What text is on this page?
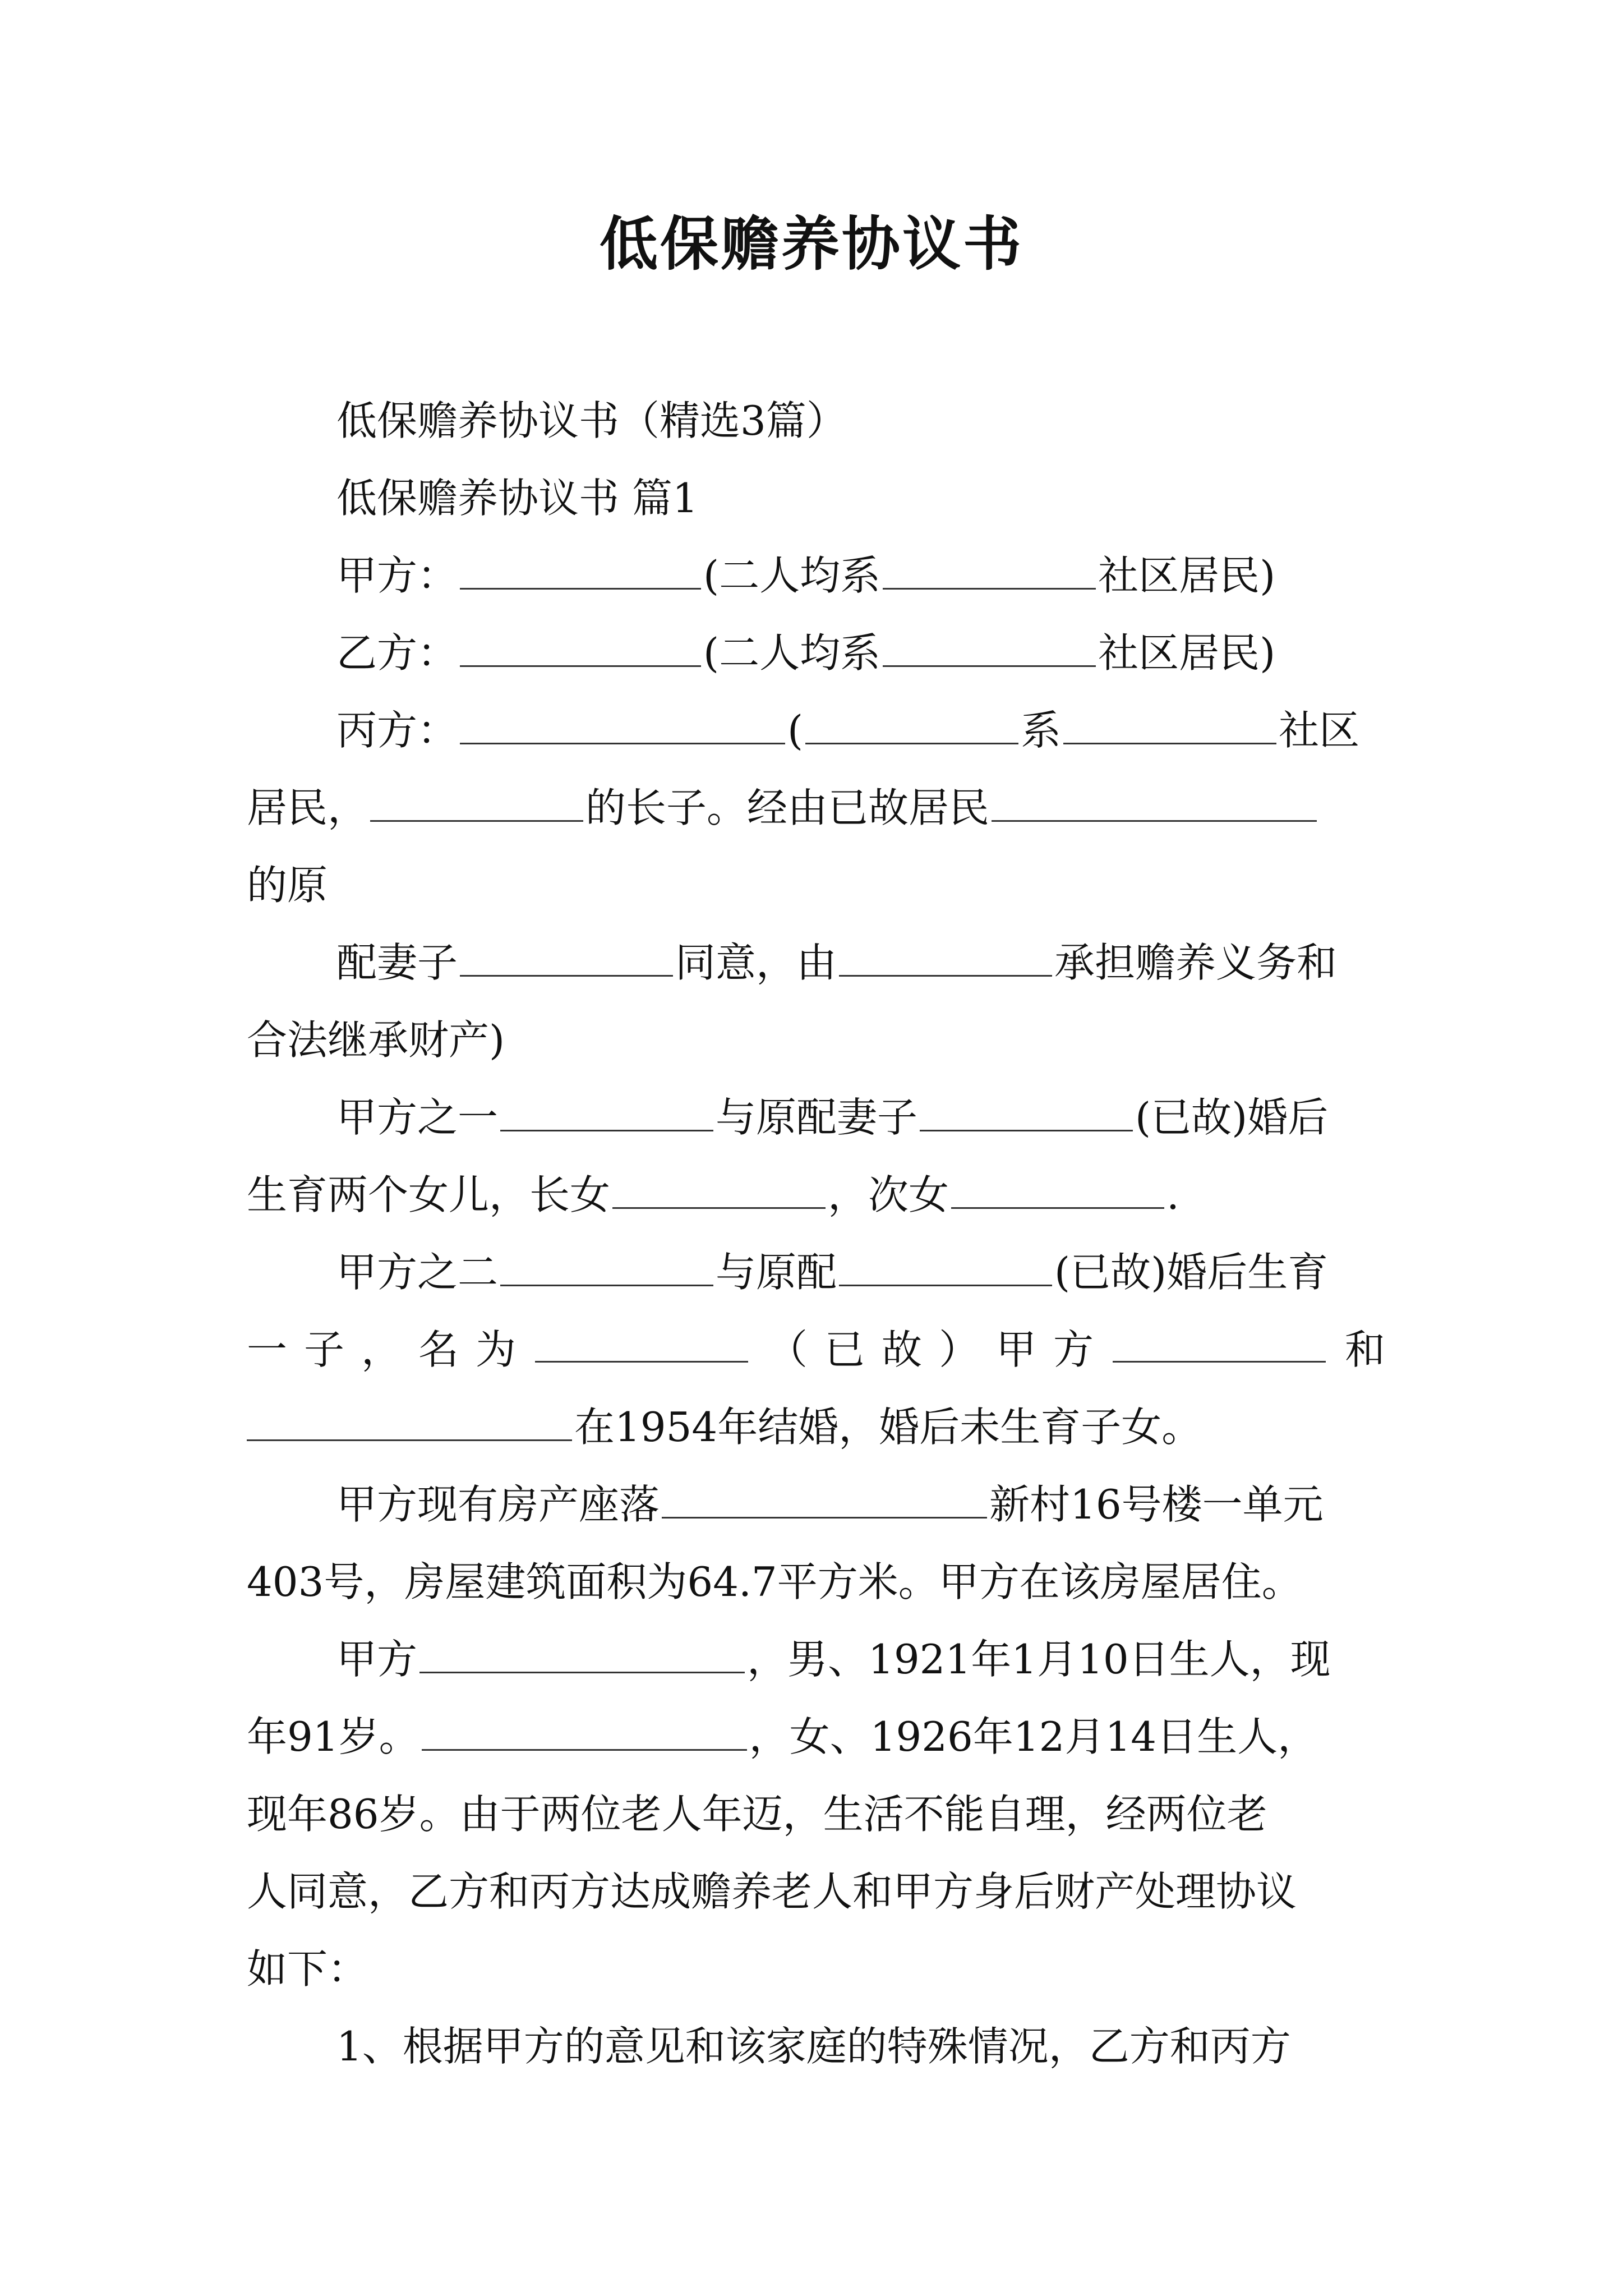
低保赡养协议书
低保赡养协议书（精选3篇）
低保赡养协议书 篇1
甲方：	(二人均系	社区居民)
乙方：	(二人均系	社区居民)
丙方：	(	系	社区
居民，	的长子。经由已故居民
的原
配妻子	同意，由	承担赡养义务和
合法继承财产)
甲方之一	与原配妻子	(已故)婚后
生育两个女儿，长女	，次女	.
甲方之二	与原配	(已故)婚后生育
一 子 ， 名 为	（ 已 故 ） 甲 方	和
在1954年结婚，婚后未生育子女。
甲方现有房产座落	新村16号楼一单元
403号，房屋建筑面积为64.7平方米。甲方在该房屋居住。
甲方	，男、1921年1月10日生人，现
年91岁。	，女、1926年12月14日生人，
现年86岁。由于两位老人年迈，生活不能自理，经两位老
人同意，乙方和丙方达成赡养老人和甲方身后财产处理协议
如下：
1、根据甲方的意见和该家庭的特殊情况，乙方和丙方
